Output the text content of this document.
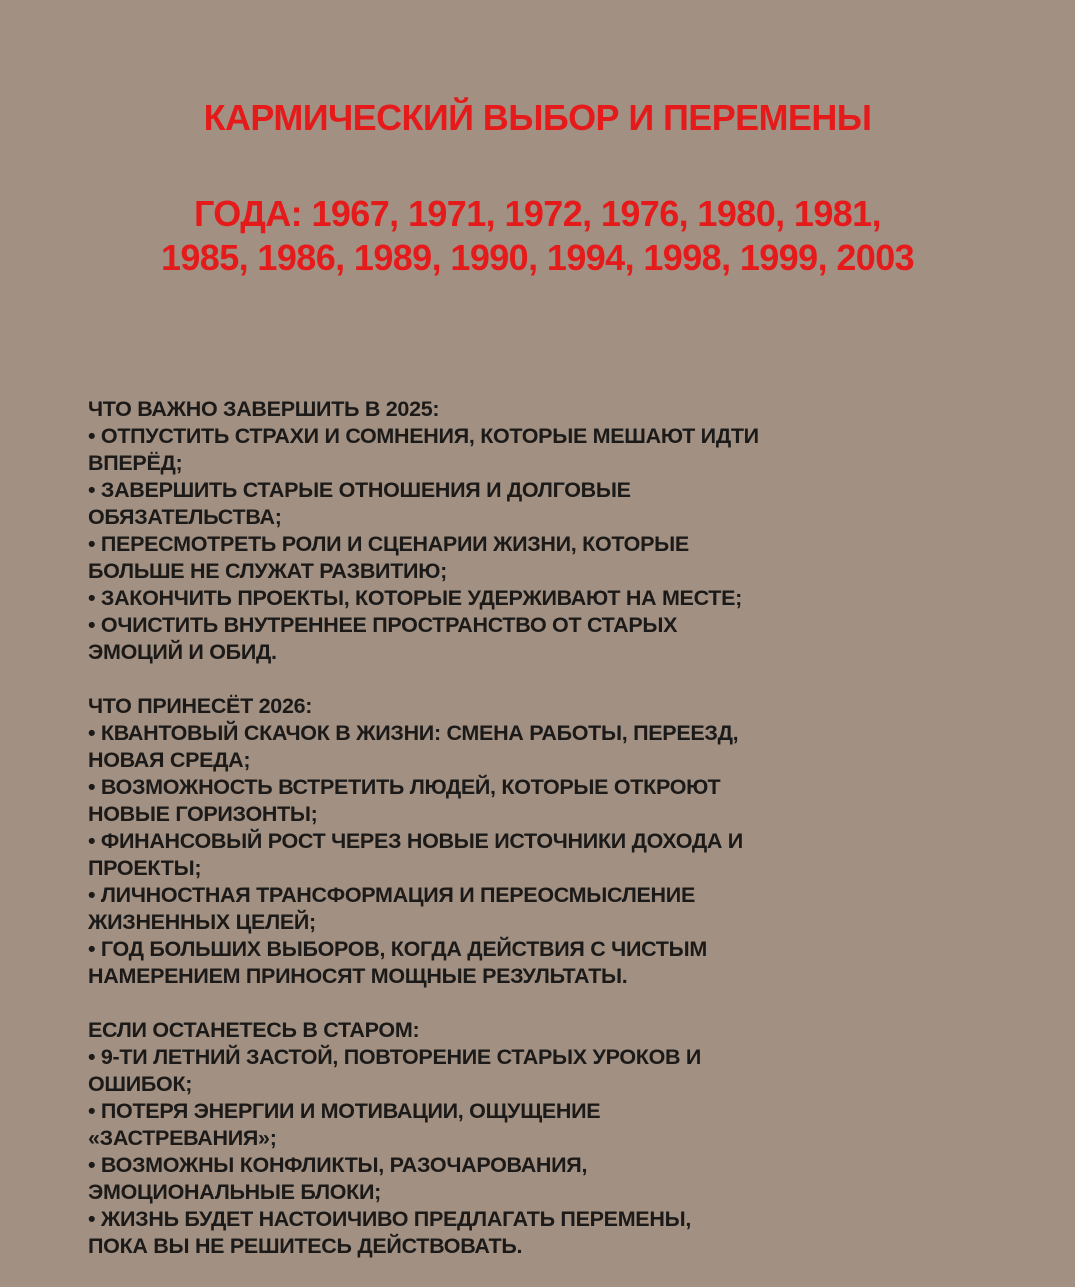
КАРМИЧЕСКИЙ ВЫБОР И ПЕРЕМЕНЫ
ГОДА: 1967, 1971, 1972, 1976, 1980, 1981,
1985, 1986, 1989, 1990, 1994, 1998, 1999, 2003
ЧТО ВАЖНО ЗАВЕРШИТЬ В 2025:
• ОТПУСТИТЬ СТРАХИ И СОМНЕНИЯ, КОТОРЫЕ МЕШАЮТ ИДТИ
ВПЕРЁД;
• ЗАВЕРШИТЬ СТАРЫЕ ОТНОШЕНИЯ И ДОЛГОВЫЕ
ОБЯЗАТЕЛЬСТВА;
• ПЕРЕСМОТРЕТЬ РОЛИ И СЦЕНАРИИ ЖИЗНИ, КОТОРЫЕ
БОЛЬШЕ НЕ СЛУЖАТ РАЗВИТИЮ;
• ЗАКОНЧИТЬ ПРОЕКТЫ, КОТОРЫЕ УДЕРЖИВАЮТ НА МЕСТЕ;
• ОЧИСТИТЬ ВНУТРЕННЕЕ ПРОСТРАНСТВО ОТ СТАРЫХ
ЭМОЦИЙ И ОБИД.
ЧТО ПРИНЕСЁТ 2026:
• КВАНТОВЫЙ СКАЧОК В ЖИЗНИ: СМЕНА РАБОТЫ, ПЕРЕЕЗД,
НОВАЯ СРЕДА;
• ВОЗМОЖНОСТЬ ВСТРЕТИТЬ ЛЮДЕЙ, КОТОРЫЕ ОТКРОЮТ
НОВЫЕ ГОРИЗОНТЫ;
• ФИНАНСОВЫЙ РОСТ ЧЕРЕЗ НОВЫЕ ИСТОЧНИКИ ДОХОДА И
ПРОЕКТЫ;
• ЛИЧНОСТНАЯ ТРАНСФОРМАЦИЯ И ПЕРЕОСМЫСЛЕНИЕ
ЖИЗНЕННЫХ ЦЕЛЕЙ;
• ГОД БОЛЬШИХ ВЫБОРОВ, КОГДА ДЕЙСТВИЯ С ЧИСТЫМ
НАМЕРЕНИЕМ ПРИНОСЯТ МОЩНЫЕ РЕЗУЛЬТАТЫ.
ЕСЛИ ОСТАНЕТЕСЬ В СТАРОМ:
• 9-ТИ ЛЕТНИЙ ЗАСТОЙ, ПОВТОРЕНИЕ СТАРЫХ УРОКОВ И
ОШИБОК;
• ПОТЕРЯ ЭНЕРГИИ И МОТИВАЦИИ, ОЩУЩЕНИЕ
«ЗАСТРЕВАНИЯ»;
• ВОЗМОЖНЫ КОНФЛИКТЫ, РАЗОЧАРОВАНИЯ,
ЭМОЦИОНАЛЬНЫЕ БЛОКИ;
• ЖИЗНЬ БУДЕТ НАСТОИЧИВО ПРЕДЛАГАТЬ ПЕРЕМЕНЫ,
ПОКА ВЫ НЕ РЕШИТЕСЬ ДЕЙСТВОВАТЬ.
